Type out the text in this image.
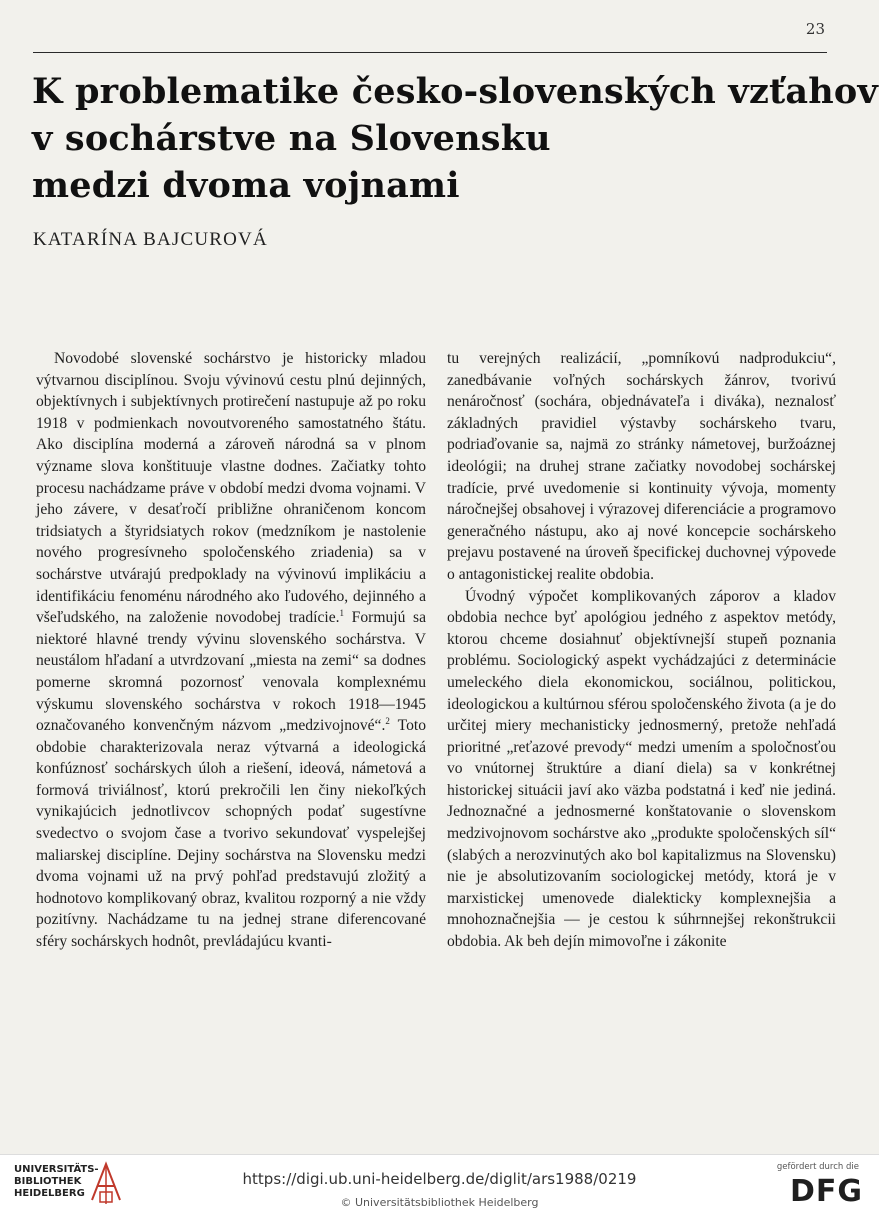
23
K problematike česko-slovenských vzťahov
v sochárstve na Slovensku
medzi dvoma vojnami
KATARÍNA BAJCUROVÁ

Novodobé slovenské sochárstvo je historicky mladou výtvarnou disciplínou. Svoju vývinovú cestu plnú dejinných, objektívnych i subjektívnych protirečení nastupuje až po roku 1918 v podmienkach novoutvoreného samostatného štátu. Ako disciplína moderná a zároveň národná sa v plnom význame slova konštituuje vlastne dodnes. Začiatky tohto procesu nachádzame práve v období medzi dvoma vojnami. V jeho závere, v desaťročí približne ohraničenom koncom tridsiatych a štyridsiatych rokov (medzníkom je nastolenie nového progresívneho spoločenského zriadenia) sa v sochárstve utvárajú predpoklady na vývinovú implikáciu a identifikáciu fenoménu národného ako ľudového, dejinného a všeľudského, na založenie novodobej tradície.$^1$ Formujú sa niektoré hlavné trendy vývinu slovenského sochárstva. V neustálom hľadaní a utvrdzovaní „miesta na zemi“ sa dodnes pomerne skromná pozornosť venovala komplexnému výskumu slovenského sochárstva v rokoch 1918—1945 označovaného konvenčným názvom „medzivojnové“.$^2$ Toto obdobie charakterizovala neraz výtvarná a ideologická konfúznosť sochárskych úloh a riešení, ideová, námetová a formová triviálnosť, ktorú prekročili len činy niekoľkých vynikajúcich jednotlivcov schopných podať sugestívne svedectvo o svojom čase a tvorivo sekundovať vyspelejšej maliarskej disciplíne. Dejiny sochárstva na Slovensku medzi dvoma vojnami už na prvý pohľad predstavujú zložitý a hodnotovo komplikovaný obraz, kvalitou rozporný a nie vždy pozitívny. Nachádzame tu na jednej strane diferencované sféry sochárskych hodnôt, prevládajúcu kvanti-

tu verejných realizácií, „pomníkovú nadprodukciu“, zanedbávanie voľných sochárskych žánrov, tvorivú nenáročnosť (sochára, objednávateľa i diváka), neznalosť základných pravidiel výstavby sochárskeho tvaru, podriaďovanie sa, najmä zo stránky námetovej, buržoáznej ideológii; na druhej strane začiatky novodobej sochárskej tradície, prvé uvedomenie si kontinuity vývoja, momenty náročnejšej obsahovej i výrazovej diferenciácie a programovo generačného nástupu, ako aj nové koncepcie sochárskeho prejavu postavené na úroveň špecifickej duchovnej výpovede o antagonistickej realite obdobia.

Úvodný výpočet komplikovaných záporov a kladov obdobia nechce byť apológiou jedného z aspektov metódy, ktorou chceme dosiahnuť objektívnejší stupeň poznania problému. Sociologický aspekt vychádzajúci z determinácie umeleckého diela ekonomickou, sociálnou, politickou, ideologickou a kultúrnou sférou spoločenského života (a je do určitej miery mechanisticky jednosmerný, pretože nehľadá prioritné „reťazové prevody“ medzi umením a spoločnosťou vo vnútornej štruktúre a dianí diela) sa v konkrétnej historickej situácii javí ako väzba podstatná i keď nie jediná. Jednoznačné a jednosmerné konštatovanie o slovenskom medzivojnovom sochárstve ako „produkte spoločenských síl“ (slabých a nerozvinutých ako bol kapitalizmus na Slovensku) nie je absolutizovaním sociologickej metódy, ktorá je v marxistickej umenovede dialekticky komplexnejšia a mnohoznačnejšia — je cestou k súhrnnejšej rekonštrukcii obdobia. Ak beh dejín mimovoľne i zákonite

UNIVERSITÄTS-
BIBLIOTHEK
HEIDELBERG
https://digi.ub.uni-heidelberg.de/diglit/ars1988/0219
© Universitätsbibliothek Heidelberg
gefördert durch die
DFG
